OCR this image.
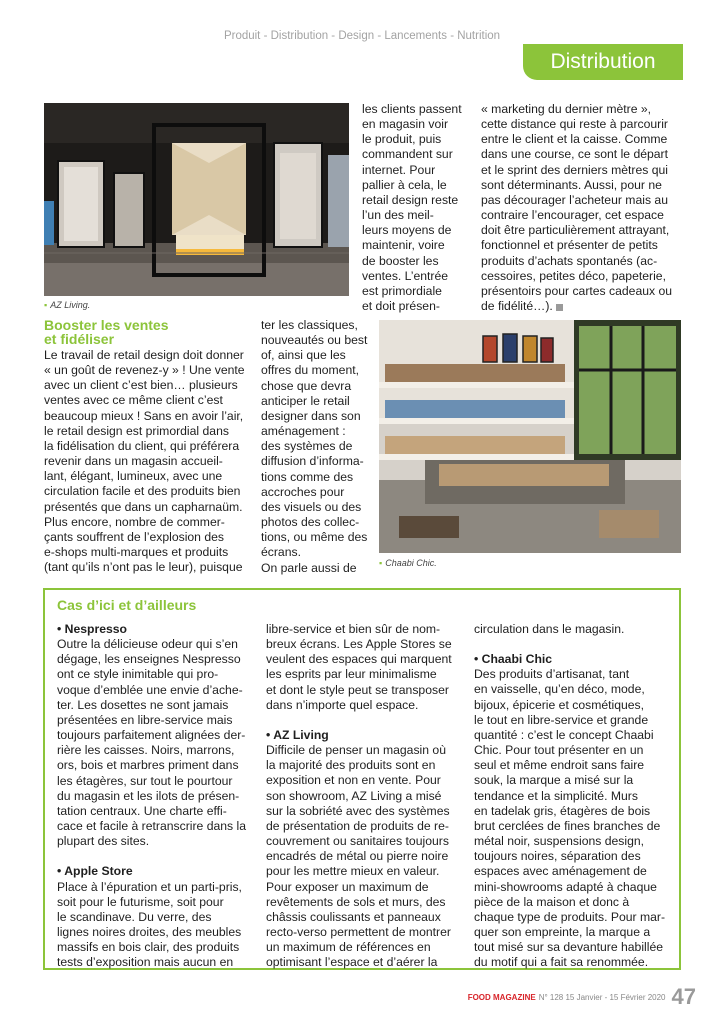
Produit - Distribution - Design - Lancements - Nutrition
Distribution
▪ AZ Living.

les clients passent

en magasin voir

le produit, puis

commandent sur

internet. Pour

pallier à cela, le

retail design reste

l’un des meil-

leurs moyens de

maintenir, voire

de booster les

ventes. L’entrée

est primordiale

et doit présen-

« marketing du dernier mètre »,

cette distance qui reste à parcourir

entre le client et la caisse. Comme

dans une course, ce sont le départ

et le sprint des derniers mètres qui

sont déterminants. Aussi, pour ne

pas décourager l’acheteur mais au

contraire l’encourager, cet espace

doit être particulièrement attrayant,

fonctionnel et présenter de petits

produits d’achats spontanés (ac-

cessoires, petites déco, papeterie,

présentoirs pour cartes cadeaux ou

de fidélité…).

Booster les ventes
et fidéliser

Le travail de retail design doit donner

« un goût de revenez-y » ! Une vente

avec un client c’est bien… plusieurs

ventes avec ce même client c’est

beaucoup mieux ! Sans en avoir l’air,

le retail design est primordial dans

la fidélisation du client, qui préférera

revenir dans un magasin accueil-

lant, élégant, lumineux, avec une

circulation facile et des produits bien

présentés que dans un capharnaüm.

Plus encore, nombre de commer-

çants souffrent de l’explosion des

e-shops multi-marques et produits

(tant qu’ils n’ont pas le leur), puisque

ter les classiques,

nouveautés ou best

of, ainsi que les

offres du moment,

chose que devra

anticiper le retail

designer dans son

aménagement :

des systèmes de

diffusion d’informa-

tions comme des

accroches pour

des visuels ou des

photos des collec-

tions, ou même des

écrans.

On parle aussi de

▪	Chaabi Chic.
Cas d’ici et d’ailleurs

• Nespresso

Outre la délicieuse odeur qui s’en

dégage, les enseignes Nespresso

ont ce style inimitable qui pro-

voque d’emblée une envie d’ache-

ter. Les dosettes ne sont jamais

présentées en libre-service mais

toujours parfaitement alignées der-

rière les caisses. Noirs, marrons,

ors, bois et marbres priment dans

les étagères, sur tout le pourtour

du magasin et les ilots de présen-

tation centraux. Une charte effi-

cace et facile à retranscrire dans la

plupart des sites.

• Apple Store

Place à l’épuration et un parti-pris,

soit pour le futurisme, soit pour

le scandinave. Du verre, des

lignes noires droites, des meubles

massifs en bois clair, des produits

tests d’exposition mais aucun en

libre-service et bien sûr de nom-

breux écrans. Les Apple Stores se

veulent des espaces qui marquent

les esprits par leur minimalisme

et dont le style peut se transposer

dans n’importe quel espace.

• AZ Living

Difficile de penser un magasin où

la majorité des produits sont en

exposition et non en vente. Pour

son showroom, AZ Living a misé

sur la sobriété avec des systèmes

de présentation de produits de re-

couvrement ou sanitaires toujours

encadrés de métal ou pierre noire

pour les mettre mieux en valeur.

Pour exposer un maximum de

revêtements de sols et murs, des

châssis coulissants et panneaux

recto-verso permettent de montrer

un maximum de références en

optimisant l’espace et d’aérer la

circulation dans le magasin.

• Chaabi Chic

Des produits d’artisanat, tant

en vaisselle, qu’en déco, mode,

bijoux, épicerie et cosmétiques,

le tout en libre-service et grande

quantité : c’est le concept Chaabi

Chic. Pour tout présenter en un

seul et même endroit sans faire

souk, la marque a misé sur la

tendance et la simplicité. Murs

en tadelak gris, étagères de bois

brut cerclées de fines branches de

métal noir, suspensions design,

toujours noires, séparation des

espaces avec aménagement de

mini-showrooms adapté à chaque

pièce de la maison et donc à

chaque type de produits. Pour mar-

quer son empreinte, la marque a

tout misé sur sa devanture habillée

du motif qui a fait sa renommée.

FOOD MAGAZINE N° 128 15 Janvier - 15 Février 2020 47
